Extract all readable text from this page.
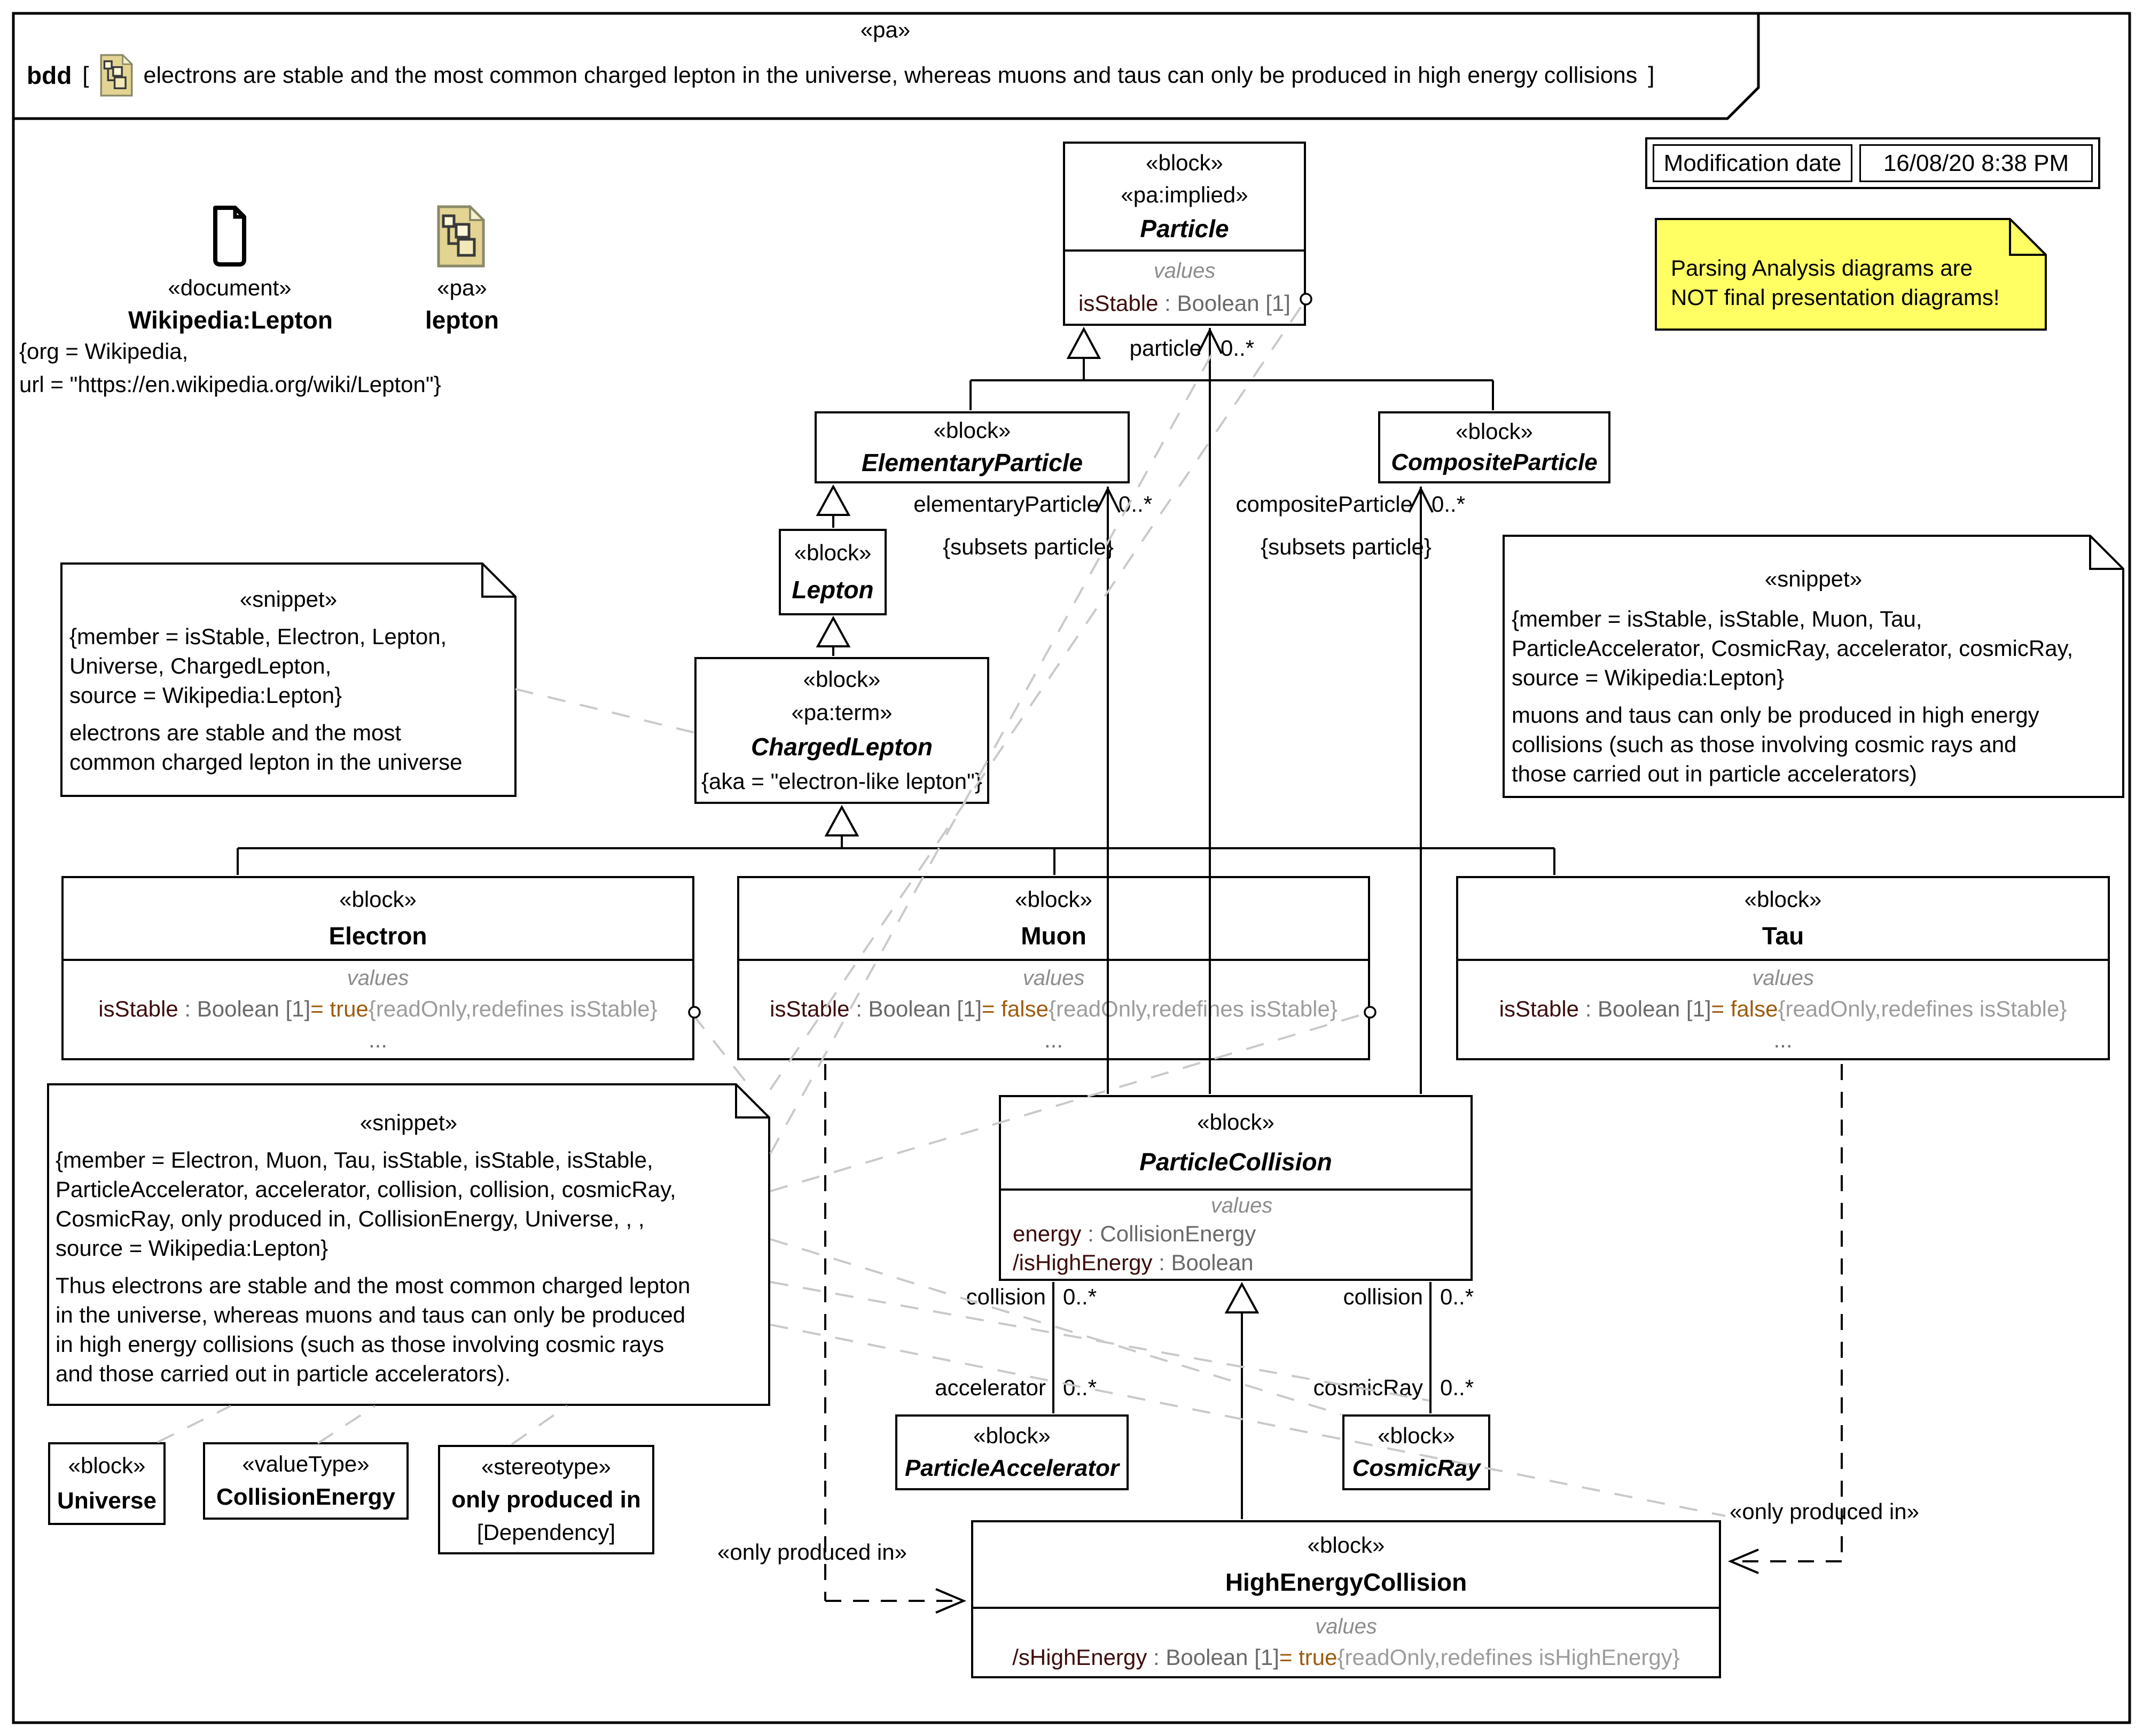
«pa»
bdd [ electrons are stable and the most common charged lepton in the universe, whereas muons and taus can only be produced in high energy collisions ]
Modification date	16/08/20 8:38 PM
Parsing Analysis diagrams are
NOT final presentation diagrams!
«document»
Wikipedia:Lepton
{org = Wikipedia,
url = "https://en.wikipedia.org/wiki/Lepton"}
«pa»
lepton
«block»
«pa:implied»
Particle
values
isStable : Boolean [1]
«block»
ElementaryParticle
«block»
CompositeParticle
«block»
Lepton
«block»
«pa:term»
ChargedLepton
{aka = "electron-like lepton"}
«block»
Electron
values
isStable : Boolean [1]= true{readOnly,redefines isStable}
...
«block»
Muon
values
isStable : Boolean [1]= false{readOnly,redefines isStable}
...
«block»
Tau
values
isStable : Boolean [1]= false{readOnly,redefines isStable}
...
«block»
ParticleCollision
values
energy : CollisionEnergy
/isHighEnergy : Boolean
«block»
ParticleAccelerator
«block»
CosmicRay
«block»
HighEnergyCollision
values
/sHighEnergy : Boolean [1]= true{readOnly,redefines isHighEnergy}
«block»
Universe
«valueType»
CollisionEnergy
«stereotype»
only produced in
[Dependency]
«snippet»
{member = isStable, Electron, Lepton,
Universe, ChargedLepton,
source = Wikipedia:Lepton}
electrons are stable and the most
common charged lepton in the universe
«snippet»
{member = isStable, isStable, Muon, Tau,
ParticleAccelerator, CosmicRay, accelerator, cosmicRay,
source = Wikipedia:Lepton}
muons and taus can only be produced in high energy
collisions (such as those involving cosmic rays and
those carried out in particle accelerators)
«snippet»
{member = Electron, Muon, Tau, isStable, isStable, isStable,
ParticleAccelerator, accelerator, collision, collision, cosmicRay,
CosmicRay, only produced in, CollisionEnergy, Universe, , ,
source = Wikipedia:Lepton}
Thus electrons are stable and the most common charged lepton
in the universe, whereas muons and taus can only be produced
in high energy collisions (such as those involving cosmic rays
and those carried out in particle accelerators).
particle 0..*
elementaryParticle 0..*
{subsets particle}
compositeParticle 0..*
{subsets particle}
collision 0..*	collision 0..*
accelerator 0..*	cosmicRay 0..*
«only produced in»
«only produced in»
